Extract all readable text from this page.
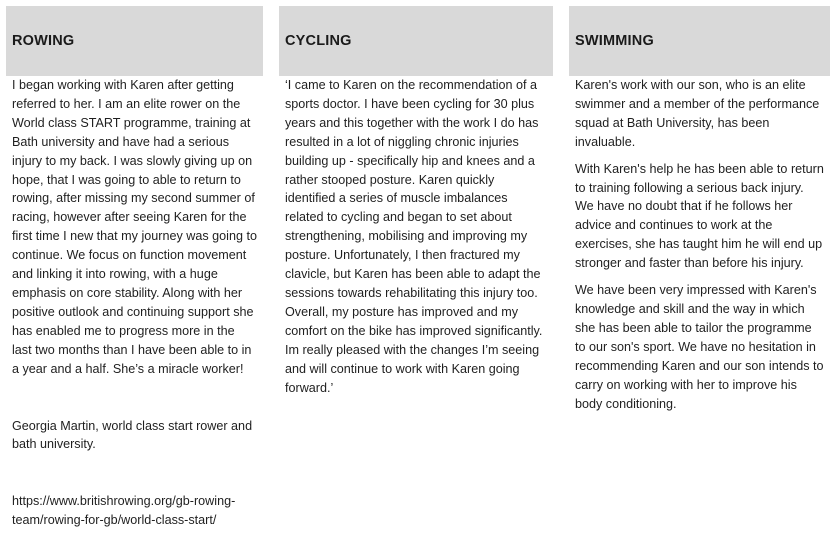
ROWING

I began working with Karen after getting referred to her. I am an elite rower on the World class START programme, training at Bath university and have had a serious injury to my back. I was slowly giving up on hope, that I was going to able to return to rowing, after missing my second summer of racing, however after seeing Karen for the first time I new that my journey was going to continue. We focus on function movement and linking it into rowing, with a huge emphasis on core stability. Along with her positive outlook and continuing support she has enabled me to progress more in the last two months than I have been able to in a year and a half. She’s a miracle worker!

Georgia Martin, world class start rower and bath university.

https://www.britishrowing.org/gb-rowing-team/rowing-for-gb/world-class-start/

CYCLING

‘I came to Karen on the recommendation of a sports doctor. I have been cycling for 30 plus years and this together with the work I do has resulted in a lot of niggling chronic injuries building up - specifically hip and knees and a rather stooped posture. Karen quickly identified a series of muscle imbalances related to cycling and began to set about strengthening, mobilising and improving my posture. Unfortunately, I then fractured my clavicle, but Karen has been able to adapt the sessions towards rehabilitating this injury too. Overall, my posture has improved and my comfort on the bike has improved significantly. Im really pleased with the changes I’m seeing and will continue to work with Karen going forward.’

SWIMMING

Karen's work with our son, who is an elite swimmer and a member of the performance squad at Bath University, has been invaluable.

With Karen's help he has been able to return to training following a serious back injury. We have no doubt that if he follows her advice and continues to work at the exercises, she has taught him he will end up stronger and faster than before his injury.

We have been very impressed with Karen's knowledge and skill and the way in which she has been able to tailor the programme to our son's sport. We have no hesitation in recommending Karen and our son intends to carry on working with her to improve his body conditioning.
